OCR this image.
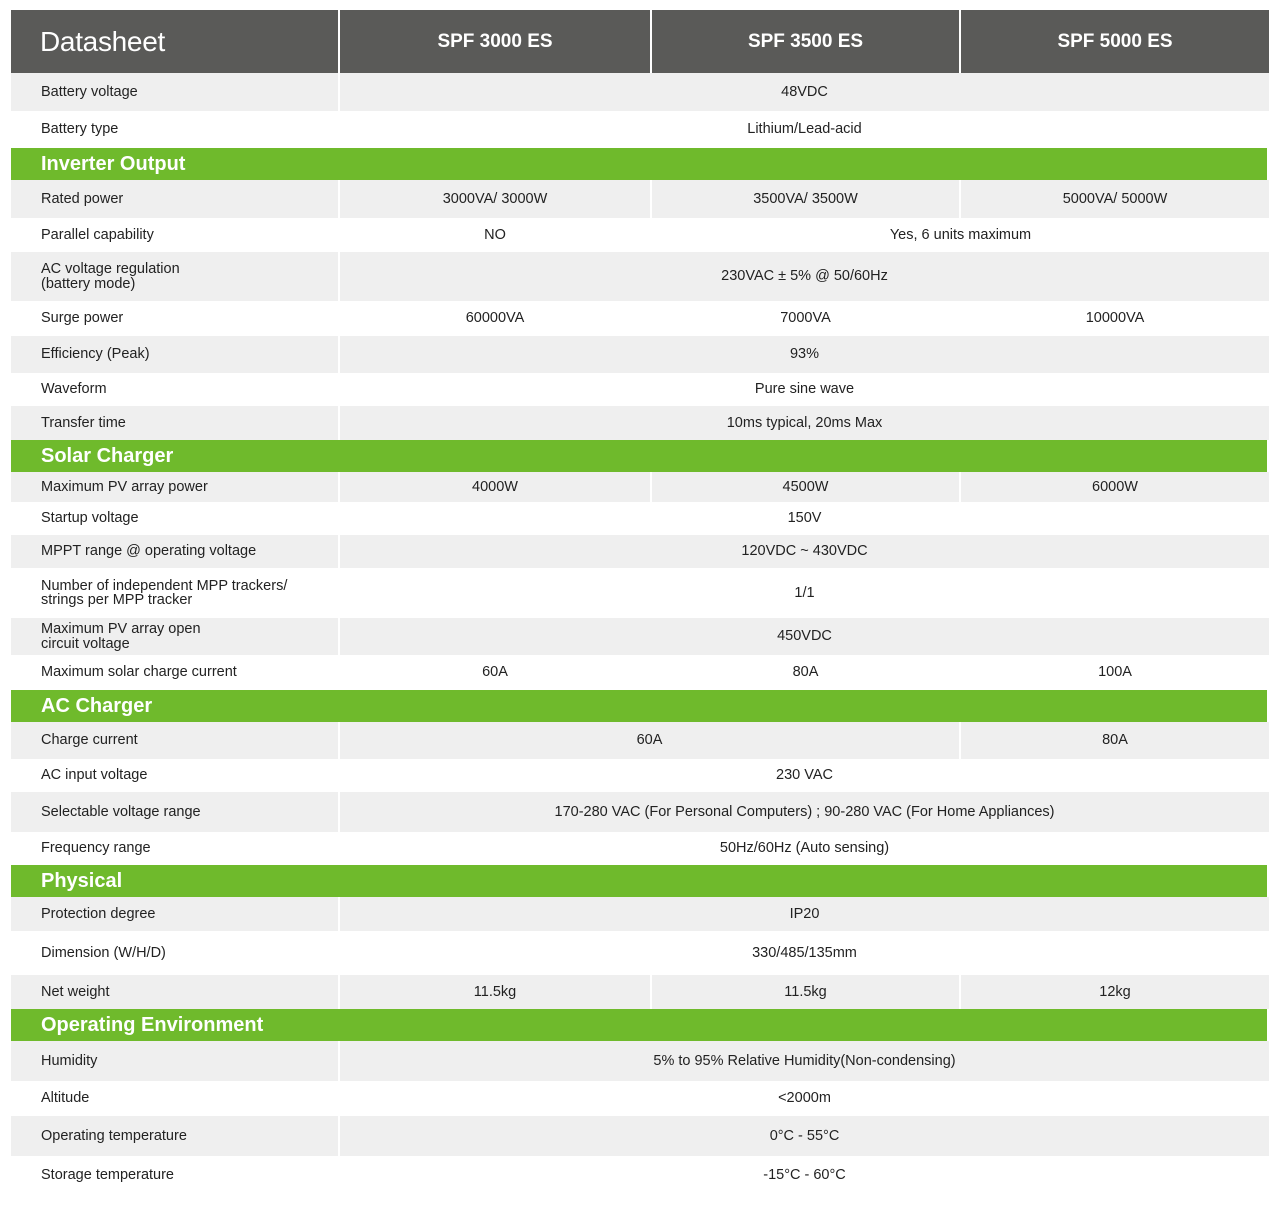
Datasheet	SPF 3000 ES	SPF 3500 ES	SPF 5000 ES
Battery voltage	48VDC
Battery type	Lithium/Lead-acid
Inverter Output
Rated power	3000VA/ 3000W	3500VA/ 3500W	5000VA/ 5000W
Parallel capability	NO	Yes, 6 units maximum
AC voltage regulation
(battery mode)	230VAC ± 5% @ 50/60Hz
Surge power	60000VA	7000VA	10000VA
Efficiency (Peak)	93%
Waveform	Pure sine wave
Transfer time	10ms typical, 20ms Max
Solar Charger
Maximum PV array power	4000W	4500W	6000W
Startup voltage	150V
MPPT range @ operating voltage	120VDC ~ 430VDC
Number of independent MPP trackers/
strings per MPP tracker	1/1
Maximum PV array open
circuit voltage	450VDC
Maximum solar charge current	60A	80A	100A
AC Charger
Charge current	60A	80A
AC input voltage	230 VAC
Selectable voltage range	170-280 VAC (For Personal Computers) ; 90-280 VAC (For Home Appliances)
Frequency range	50Hz/60Hz (Auto sensing)
Physical
Protection degree	IP20
Dimension (W/H/D)	330/485/135mm
Net weight	11.5kg	11.5kg	12kg
Operating Environment
Humidity	5% to 95% Relative Humidity(Non-condensing)
Altitude	<2000m
Operating temperature	0°C - 55°C
Storage temperature	-15°C - 60°C
